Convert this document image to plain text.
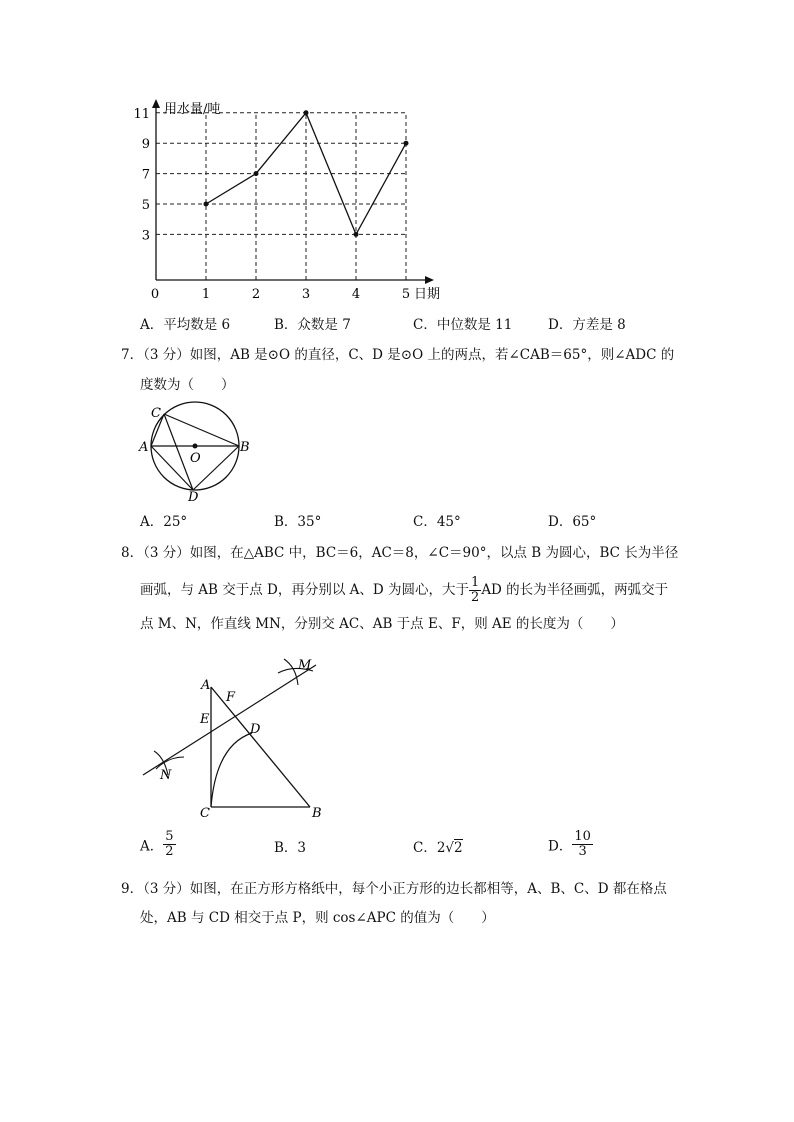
0	1	2	3	4	5
3
5
7
9
11 用水量/吨
日期
A．平均数是 6	B．众数是 7	C．中位数是 11	D．方差是 8
7．（3 分）如图，AB 是⊙O 的直径，C、D 是⊙O 上的两点，若∠CAB＝65°，则∠ADC 的
度数为（　　）
C
A
O
B
D
A．25°	B．35°	C．45°	D．65°
8．（3 分）如图，在△ABC 中，BC＝6，AC＝8，∠C＝90°，以点 B 为圆心，BC 长为半径
画弧，与 AB 交于点 D，再分别以 A、D 为圆心，大于 $\frac{1}{2}$ AD 的长为半径画弧，两弧交于
点 M、N，作直线 MN，分别交 AC、AB 于点 E、F，则 AE 的长度为（　　）
A
F
M
E
D
N
C	B
A． $\frac{5}{2}$	B．3	C．2√2	D． $\frac{10}{3}$
9．（3 分）如图，在正方形方格纸中，每个小正方形的边长都相等，A、B、C、D 都在格点
处，AB 与 CD 相交于点 P，则 cos∠APC 的值为（　　）
